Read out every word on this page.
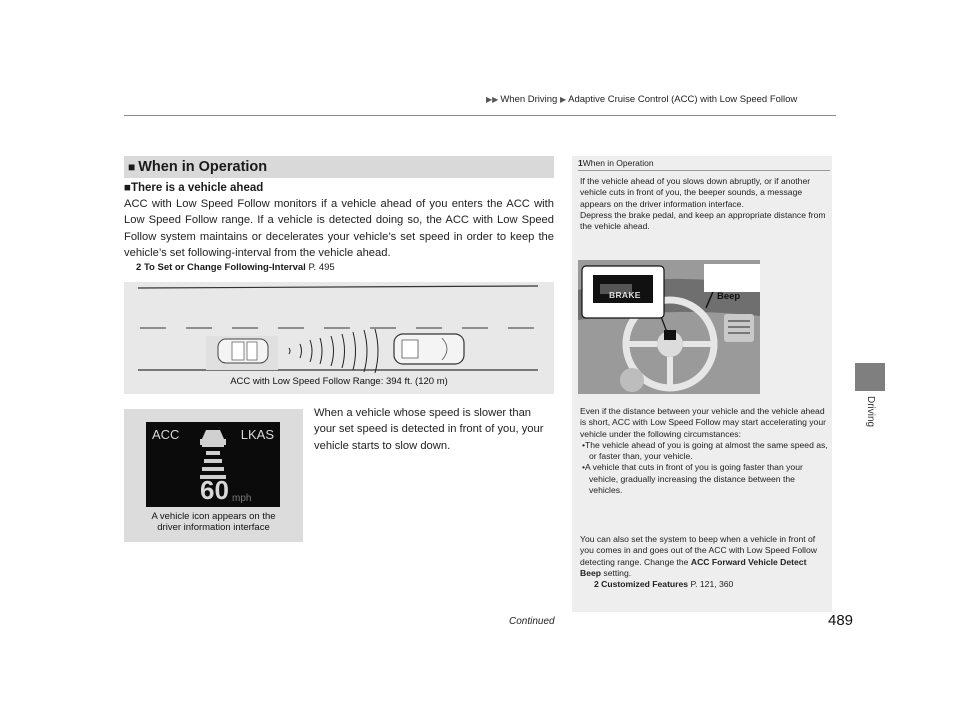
▶▶ When Driving ▶ Adaptive Cruise Control (ACC) with Low Speed Follow
Driving
■ When in Operation
■There is a vehicle ahead
ACC with Low Speed Follow monitors if a vehicle ahead of you enters the ACC with Low Speed Follow range. If a vehicle is detected doing so, the ACC with Low Speed Follow system maintains or decelerates your vehicle’s set speed in order to keep the vehicle’s set following-interval from the vehicle ahead.
2 To Set or Change Following-Interval P. 495
ACC with Low Speed Follow Range: 394 ft. (120 m)
ACC	LKAS
60 mph
A vehicle icon appears on the
driver information interface
When a vehicle whose speed is slower than your set speed is detected in front of you, your vehicle starts to slow down.
1When in Operation
If the vehicle ahead of you slows down abruptly, or if another vehicle cuts in front of you, the beeper sounds, a message appears on the driver information interface.
Depress the brake pedal, and keep an appropriate distance from the vehicle ahead.
BRAKE	Beep
Even if the distance between your vehicle and the vehicle ahead is short, ACC with Low Speed Follow may start accelerating your vehicle under the following circumstances:
•The vehicle ahead of you is going at almost the same speed as, or faster than, your vehicle.
•A vehicle that cuts in front of you is going faster than your vehicle, gradually increasing the distance between the vehicles.
You can also set the system to beep when a vehicle in front of you comes in and goes out of the ACC with Low Speed Follow detecting range. Change the ACC Forward Vehicle Detect Beep setting.
2 Customized Features P. 121, 360
Continued	489
